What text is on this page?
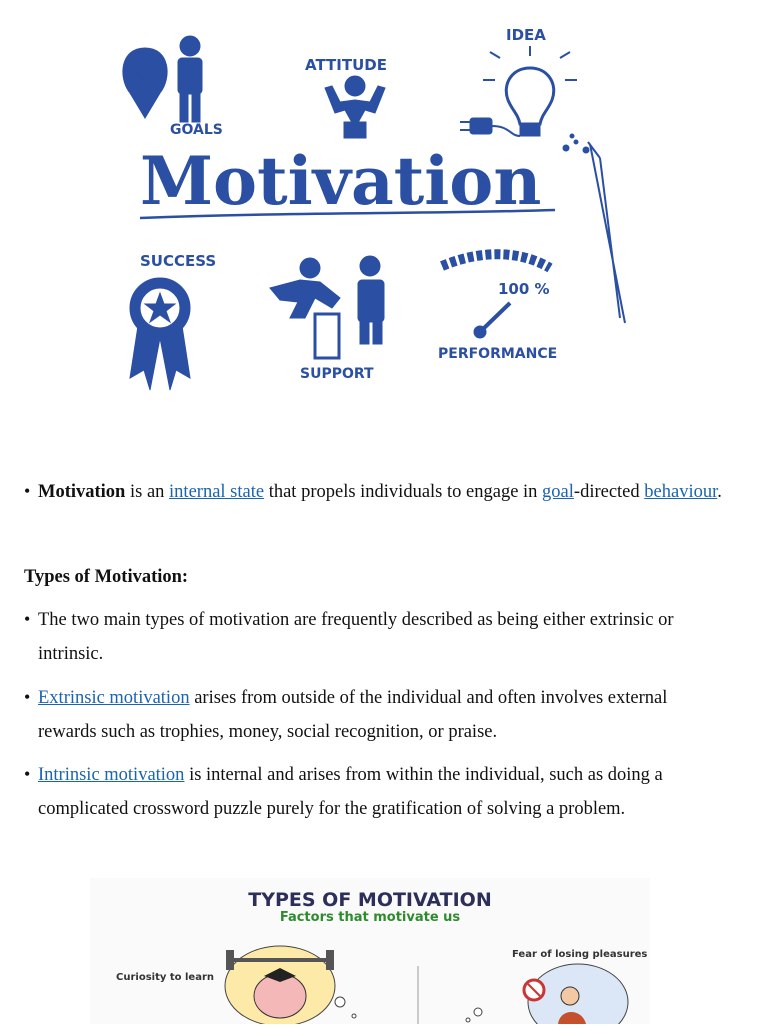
GOALS
ATTITUDE
IDEA
SUCCESS
SUPPORT
100 %
PERFORMANCE
Motivation
• Motivation is an internal state that propels individuals to engage in goal-directed behaviour.
Types of Motivation:
• The two main types of motivation are frequently described as being either extrinsic or intrinsic.
• Extrinsic motivation arises from outside of the individual and often involves external rewards such as trophies, money, social recognition, or praise.
• Intrinsic motivation is internal and arises from within the individual, such as doing a complicated crossword puzzle purely for the gratification of solving a problem.
TYPES OF MOTIVATION
Factors that motivate us
Curiosity to learn
Fear of losing pleasures
